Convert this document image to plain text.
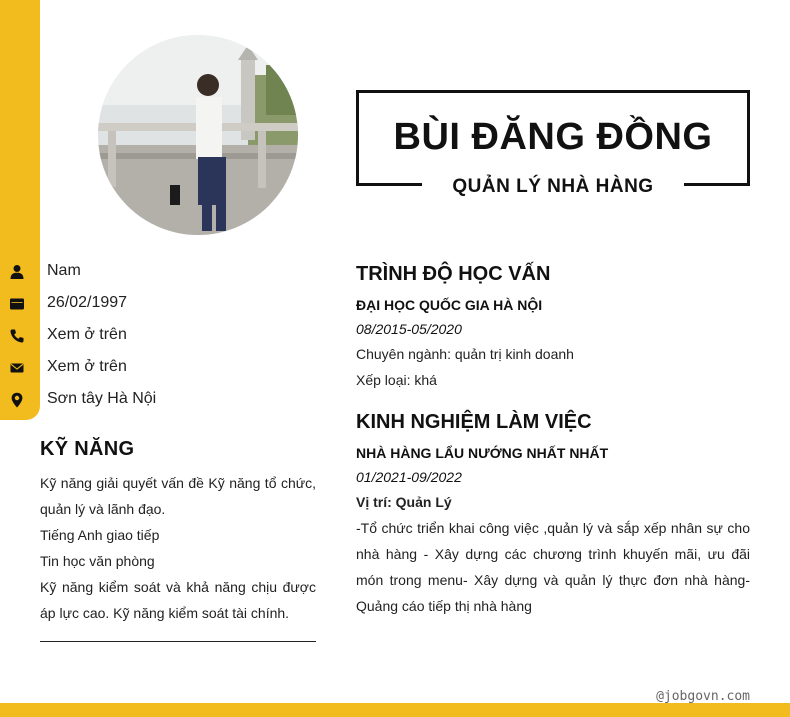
Nam
26/02/1997
Xem ở trên
Xem ở trên
Sơn tây Hà Nội
KỸ NĂNG

Kỹ năng giải quyết vấn đề Kỹ năng tổ chức, quản lý và lãnh đạo.

Tiếng Anh giao tiếp

Tin học văn phòng

Kỹ năng kiểm soát và khả năng chịu được áp lực cao. Kỹ năng kiểm soát tài chính.

BÙI ĐĂNG ĐỒNG
QUẢN LÝ NHÀ HÀNG
TRÌNH ĐỘ HỌC VẤN
ĐẠI HỌC QUỐC GIA HÀ NỘI
08/2015-05/2020
Chuyên ngành: quản trị kinh doanh
Xếp loại: khá
KINH NGHIỆM LÀM VIỆC
NHÀ HÀNG LẨU NƯỚNG NHẤT NHẤT
01/2021-09/2022
Vị trí: Quản Lý
-Tổ chức triển khai công việc ,quản lý và sắp xếp nhân sự cho nhà hàng - Xây dựng các chương trình khuyến mãi, ưu đãi món trong menu- Xây dựng và quản lý thực đơn nhà hàng- Quảng cáo tiếp thị nhà hàng
@jobgovn.com
